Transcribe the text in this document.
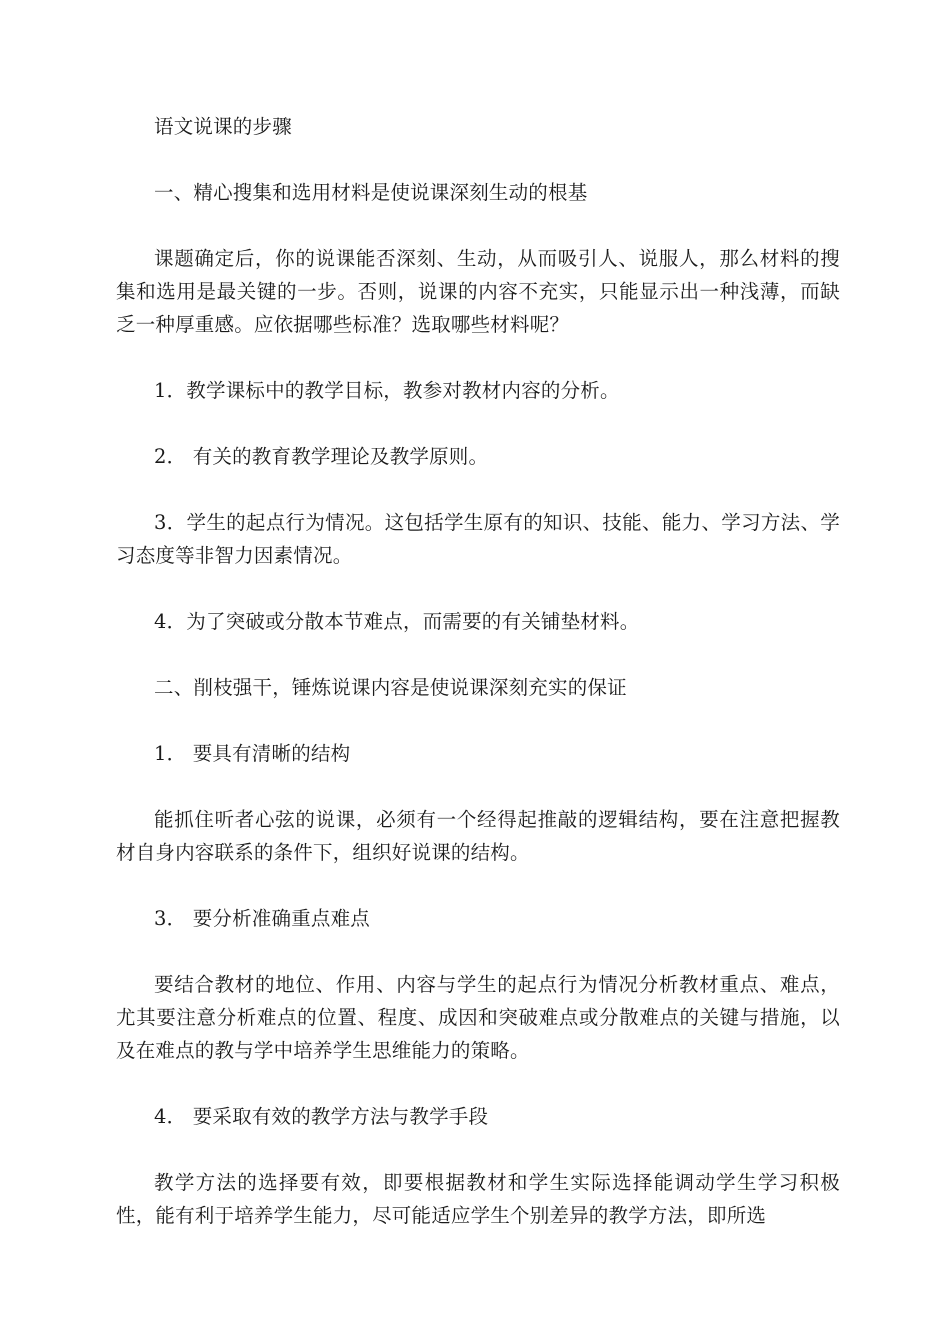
语文说课的步骤

一、精心搜集和选用材料是使说课深刻生动的根基

课题确定后，你的说课能否深刻、生动，从而吸引人、说服人，那么材料的搜集和选用是最关键的一步。否则，说课的内容不充实，只能显示出一种浅薄，而缺乏一种厚重感。应依据哪些标准？选取哪些材料呢？

1．教学课标中的教学目标，教参对教材内容的分析。

2． 有关的教育教学理论及教学原则。

3．学生的起点行为情况。这包括学生原有的知识、技能、能力、学习方法、学习态度等非智力因素情况。

4．为了突破或分散本节难点，而需要的有关铺垫材料。

二、削枝强干，锤炼说课内容是使说课深刻充实的保证

1． 要具有清晰的结构

能抓住听者心弦的说课，必须有一个经得起推敲的逻辑结构，要在注意把握教材自身内容联系的条件下，组织好说课的结构。

3． 要分析准确重点难点

要结合教材的地位、作用、内容与学生的起点行为情况分析教材重点、难点，尤其要注意分析难点的位置、程度、成因和突破难点或分散难点的关键与措施，以及在难点的教与学中培养学生思维能力的策略。

4． 要采取有效的教学方法与教学手段

教学方法的选择要有效，即要根据教材和学生实际选择能调动学生学习积极性，能有利于培养学生能力，尽可能适应学生个别差异的教学方法，即所选
